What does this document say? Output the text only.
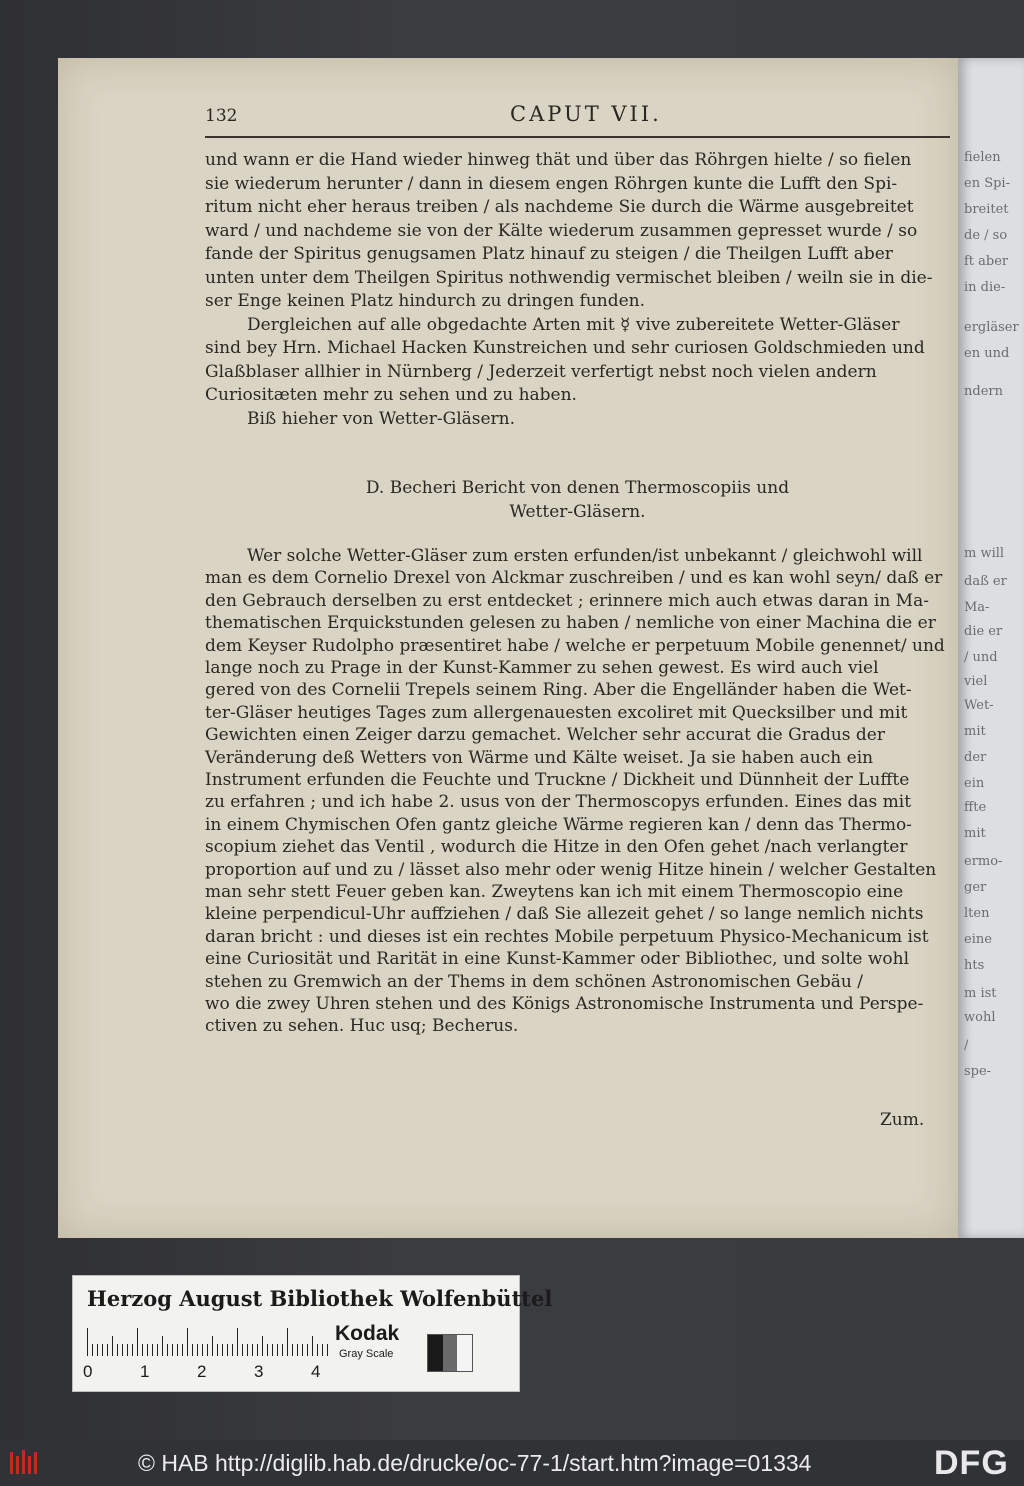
fielen
en Spi-
breitet
de / so
ft aber
in die-
ergläser
en und
ndern
m will
daß er
Ma-
die er
/ und
viel
Wet-
mit
der
ein
ffte
mit
ermo-
ger
lten
eine
hts
m ist
wohl
/
spe-
132	CAPUT VII.
und wann er die Hand wieder hinweg thät und über das Röhrgen hielte / so fielen
sie wiederum herunter / dann in diesem engen Röhrgen kunte die Lufft den Spi-
ritum nicht eher heraus treiben / als nachdeme Sie durch die Wärme ausgebreitet
ward / und nachdeme sie von der Kälte wiederum zusammen gepresset wurde / so
fande der Spiritus genugsamen Platz hinauf zu steigen / die Theilgen Lufft aber
unten unter dem Theilgen Spiritus nothwendig vermischet bleiben / weiln sie in die-
ser Enge keinen Platz hindurch zu dringen funden.
Dergleichen auf alle obgedachte Arten mit ☿ vive zubereitete Wetter-Gläser
sind bey Hrn. Michael Hacken Kunstreichen und sehr curiosen Goldschmieden und
Glaßblaser allhier in Nürnberg / Jederzeit verfertigt nebst noch vielen andern
Curiositæten mehr zu sehen und zu haben.
Biß hieher von Wetter-Gläsern.
D. Becheri Bericht von denen Thermoscopiis und
Wetter-Gläsern.
Wer solche Wetter-Gläser zum ersten erfunden/ist unbekannt / gleichwohl will
man es dem Cornelio Drexel von Alckmar zuschreiben / und es kan wohl seyn/ daß er
den Gebrauch derselben zu erst entdecket ; erinnere mich auch etwas daran in Ma-
thematischen Erquickstunden gelesen zu haben / nemliche von einer Machina die er
dem Keyser Rudolpho præsentiret habe / welche er perpetuum Mobile genennet/ und
lange noch zu Prage in der Kunst-Kammer zu sehen gewest. Es wird auch viel
gered von des Cornelii Trepels seinem Ring. Aber die Engelländer haben die Wet-
ter-Gläser heutiges Tages zum allergenauesten excoliret mit Quecksilber und mit
Gewichten einen Zeiger darzu gemachet. Welcher sehr accurat die Gradus der
Veränderung deß Wetters von Wärme und Kälte weiset. Ja sie haben auch ein
Instrument erfunden die Feuchte und Truckne / Dickheit und Dünnheit der Luffte
zu erfahren ; und ich habe 2. usus von der Thermoscopys erfunden. Eines das mit
in einem Chymischen Ofen gantz gleiche Wärme regieren kan / denn das Thermo-
scopium ziehet das Ventil , wodurch die Hitze in den Ofen gehet /nach verlangter
proportion auf und zu / lässet also mehr oder wenig Hitze hinein / welcher Gestalten
man sehr stett Feuer geben kan. Zweytens kan ich mit einem Thermoscopio eine
kleine perpendicul-Uhr auffziehen / daß Sie allezeit gehet / so lange nemlich nichts
daran bricht : und dieses ist ein rechtes Mobile perpetuum Physico-Mechanicum ist
eine Curiosität und Rarität in eine Kunst-Kammer oder Bibliothec, und solte wohl
stehen zu Gremwich an der Thems in dem schönen Astronomischen Gebäu /
wo die zwey Uhren stehen und des Königs Astronomische Instrumenta und Perspe-
ctiven zu sehen. Huc usq; Becherus.
Zum.
Herzog August Bibliothek Wolfenbüttel
0	1	2	3	4
Kodak
Gray Scale
© HAB http://diglib.hab.de/drucke/oc-77-1/start.htm?image=01334	DFG
